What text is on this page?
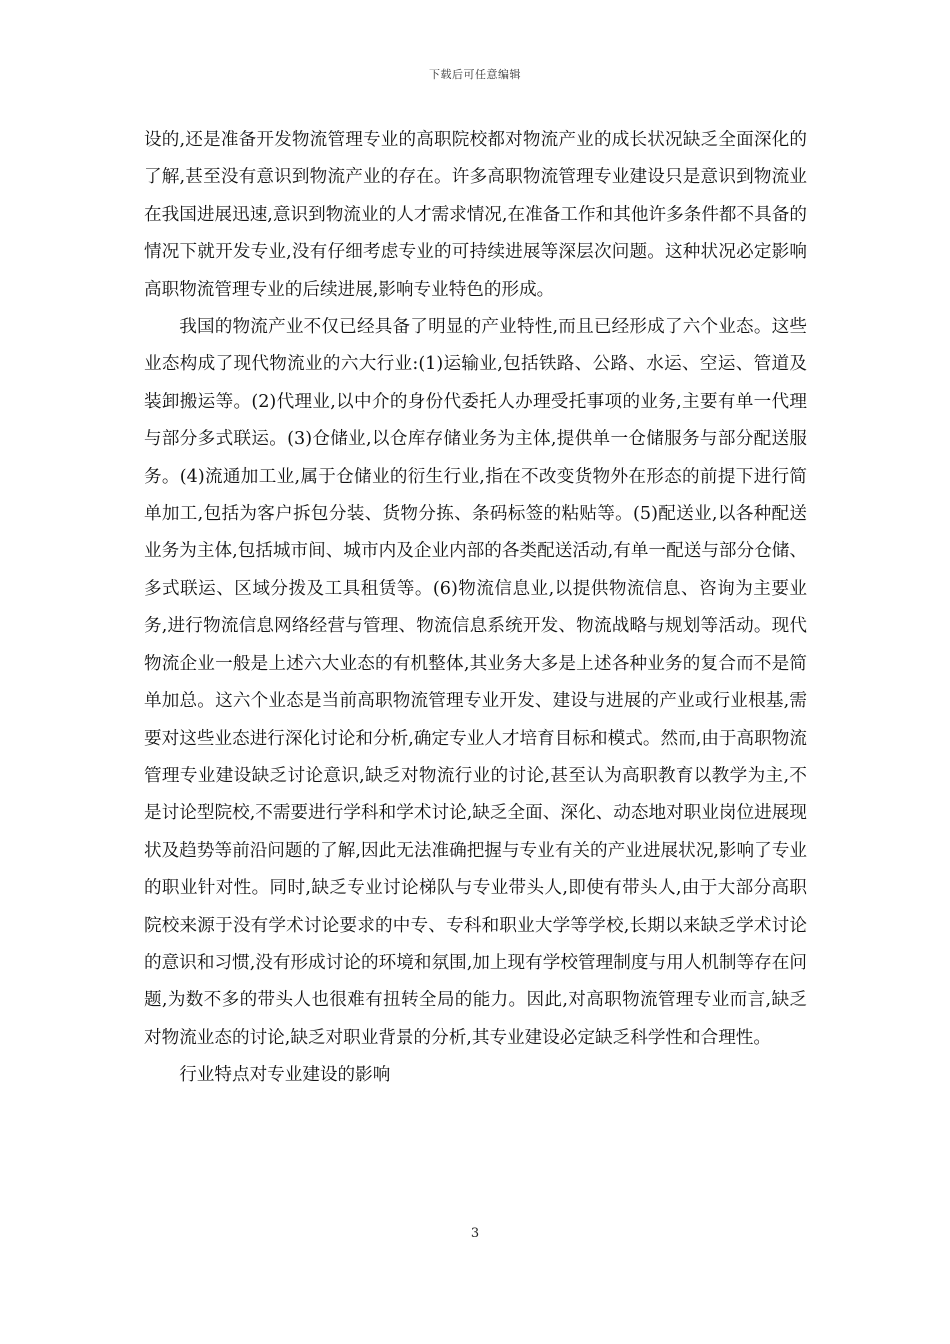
下载后可任意编辑

设的,还是准备开发物流管理专业的高职院校都对物流产业的成长状况缺乏全面深化的了解,甚至没有意识到物流产业的存在。许多高职物流管理专业建设只是意识到物流业在我国进展迅速,意识到物流业的人才需求情况,在准备工作和其他许多条件都不具备的情况下就开发专业,没有仔细考虑专业的可持续进展等深层次问题。这种状况必定影响高职物流管理专业的后续进展,影响专业特色的形成。

我国的物流产业不仅已经具备了明显的产业特性,而且已经形成了六个业态。这些业态构成了现代物流业的六大行业:(1)运输业,包括铁路、公路、水运、空运、管道及装卸搬运等。(2)代理业,以中介的身份代委托人办理受托事项的业务,主要有单一代理与部分多式联运。(3)仓储业,以仓库存储业务为主体,提供单一仓储服务与部分配送服务。(4)流通加工业,属于仓储业的衍生行业,指在不改变货物外在形态的前提下进行简单加工,包括为客户拆包分装、货物分拣、条码标签的粘贴等。(5)配送业,以各种配送业务为主体,包括城市间、城市内及企业内部的各类配送活动,有单一配送与部分仓储、多式联运、区域分拨及工具租赁等。(6)物流信息业,以提供物流信息、咨询为主要业务,进行物流信息网络经营与管理、物流信息系统开发、物流战略与规划等活动。现代物流企业一般是上述六大业态的有机整体,其业务大多是上述各种业务的复合而不是简单加总。这六个业态是当前高职物流管理专业开发、建设与进展的产业或行业根基,需要对这些业态进行深化讨论和分析,确定专业人才培育目标和模式。然而,由于高职物流管理专业建设缺乏讨论意识,缺乏对物流行业的讨论,甚至认为高职教育以教学为主,不是讨论型院校,不需要进行学科和学术讨论,缺乏全面、深化、动态地对职业岗位进展现状及趋势等前沿问题的了解,因此无法准确把握与专业有关的产业进展状况,影响了专业的职业针对性。同时,缺乏专业讨论梯队与专业带头人,即使有带头人,由于大部分高职院校来源于没有学术讨论要求的中专、专科和职业大学等学校,长期以来缺乏学术讨论的意识和习惯,没有形成讨论的环境和氛围,加上现有学校管理制度与用人机制等存在问题,为数不多的带头人也很难有扭转全局的能力。因此,对高职物流管理专业而言,缺乏对物流业态的讨论,缺乏对职业背景的分析,其专业建设必定缺乏科学性和合理性。

行业特点对专业建设的影响

3
